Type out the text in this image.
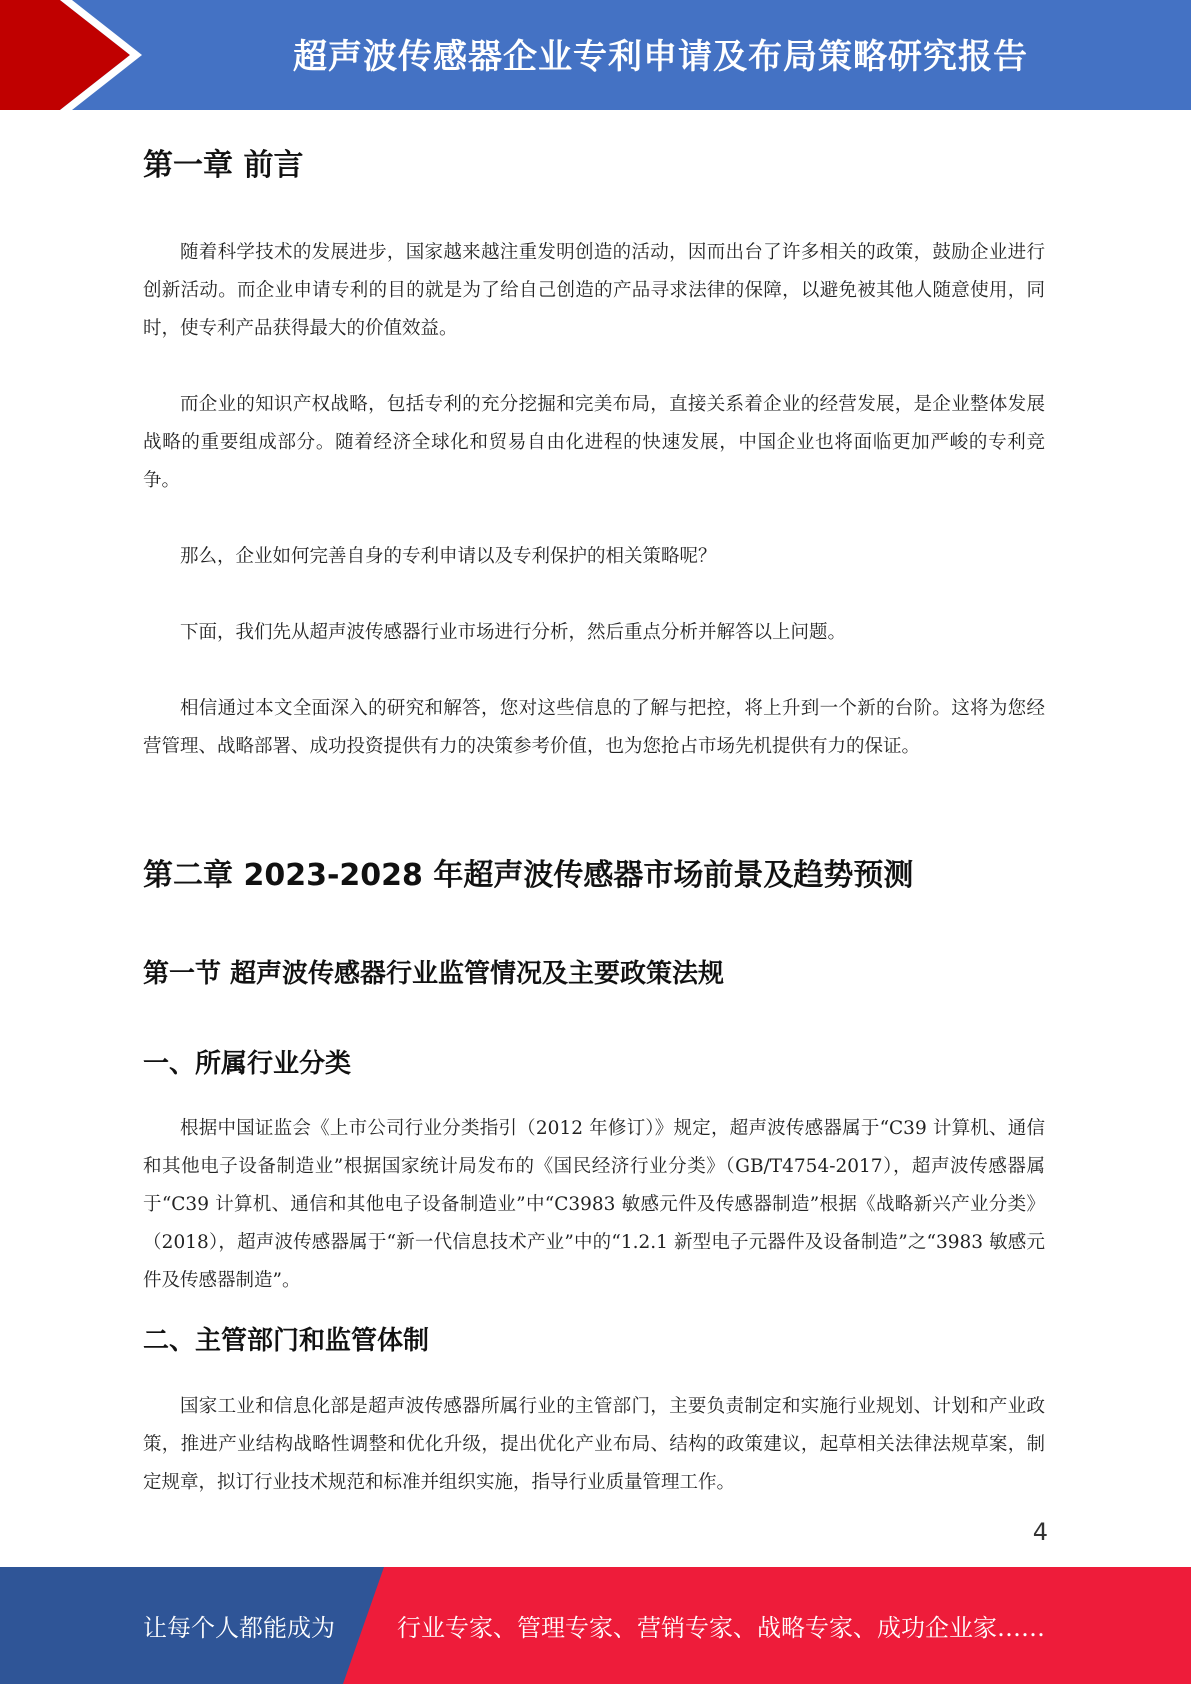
超声波传感器企业专利申请及布局策略研究报告
第一章 前言

随着科学技术的发展进步，国家越来越注重发明创造的活动，因而出台了许多相关的政策，鼓励企业进行创新活动。而企业申请专利的目的就是为了给自己创造的产品寻求法律的保障，以避免被其他人随意使用，同时，使专利产品获得最大的价值效益。

而企业的知识产权战略，包括专利的充分挖掘和完美布局，直接关系着企业的经营发展，是企业整体发展战略的重要组成部分。随着经济全球化和贸易自由化进程的快速发展，中国企业也将面临更加严峻的专利竞争。

那么，企业如何完善自身的专利申请以及专利保护的相关策略呢？

下面，我们先从超声波传感器行业市场进行分析，然后重点分析并解答以上问题。

相信通过本文全面深入的研究和解答，您对这些信息的了解与把控，将上升到一个新的台阶。这将为您经营管理、战略部署、成功投资提供有力的决策参考价值，也为您抢占市场先机提供有力的保证。

第二章 2023-2028 年超声波传感器市场前景及趋势预测
第一节 超声波传感器行业监管情况及主要政策法规
一、所属行业分类

根据中国证监会《上市公司行业分类指引（2012 年修订）》规定，超声波传感器属于“C39 计算机、通信和其他电子设备制造业”根据国家统计局发布的《国民经济行业分类》（GB/T4754-2017），超声波传感器属于“C39 计算机、通信和其他电子设备制造业”中“C3983 敏感元件及传感器制造”根据《战略新兴产业分类》（2018），超声波传感器属于“新一代信息技术产业”中的“1.2.1 新型电子元器件及设备制造”之“3983 敏感元件及传感器制造”。

二、主管部门和监管体制

国家工业和信息化部是超声波传感器所属行业的主管部门，主要负责制定和实施行业规划、计划和产业政策，推进产业结构战略性调整和优化升级，提出优化产业布局、结构的政策建议，起草相关法律法规草案，制定规章，拟订行业技术规范和标准并组织实施，指导行业质量管理工作。

4
让每个人都能成为	行业专家、管理专家、营销专家、战略专家、成功企业家……
